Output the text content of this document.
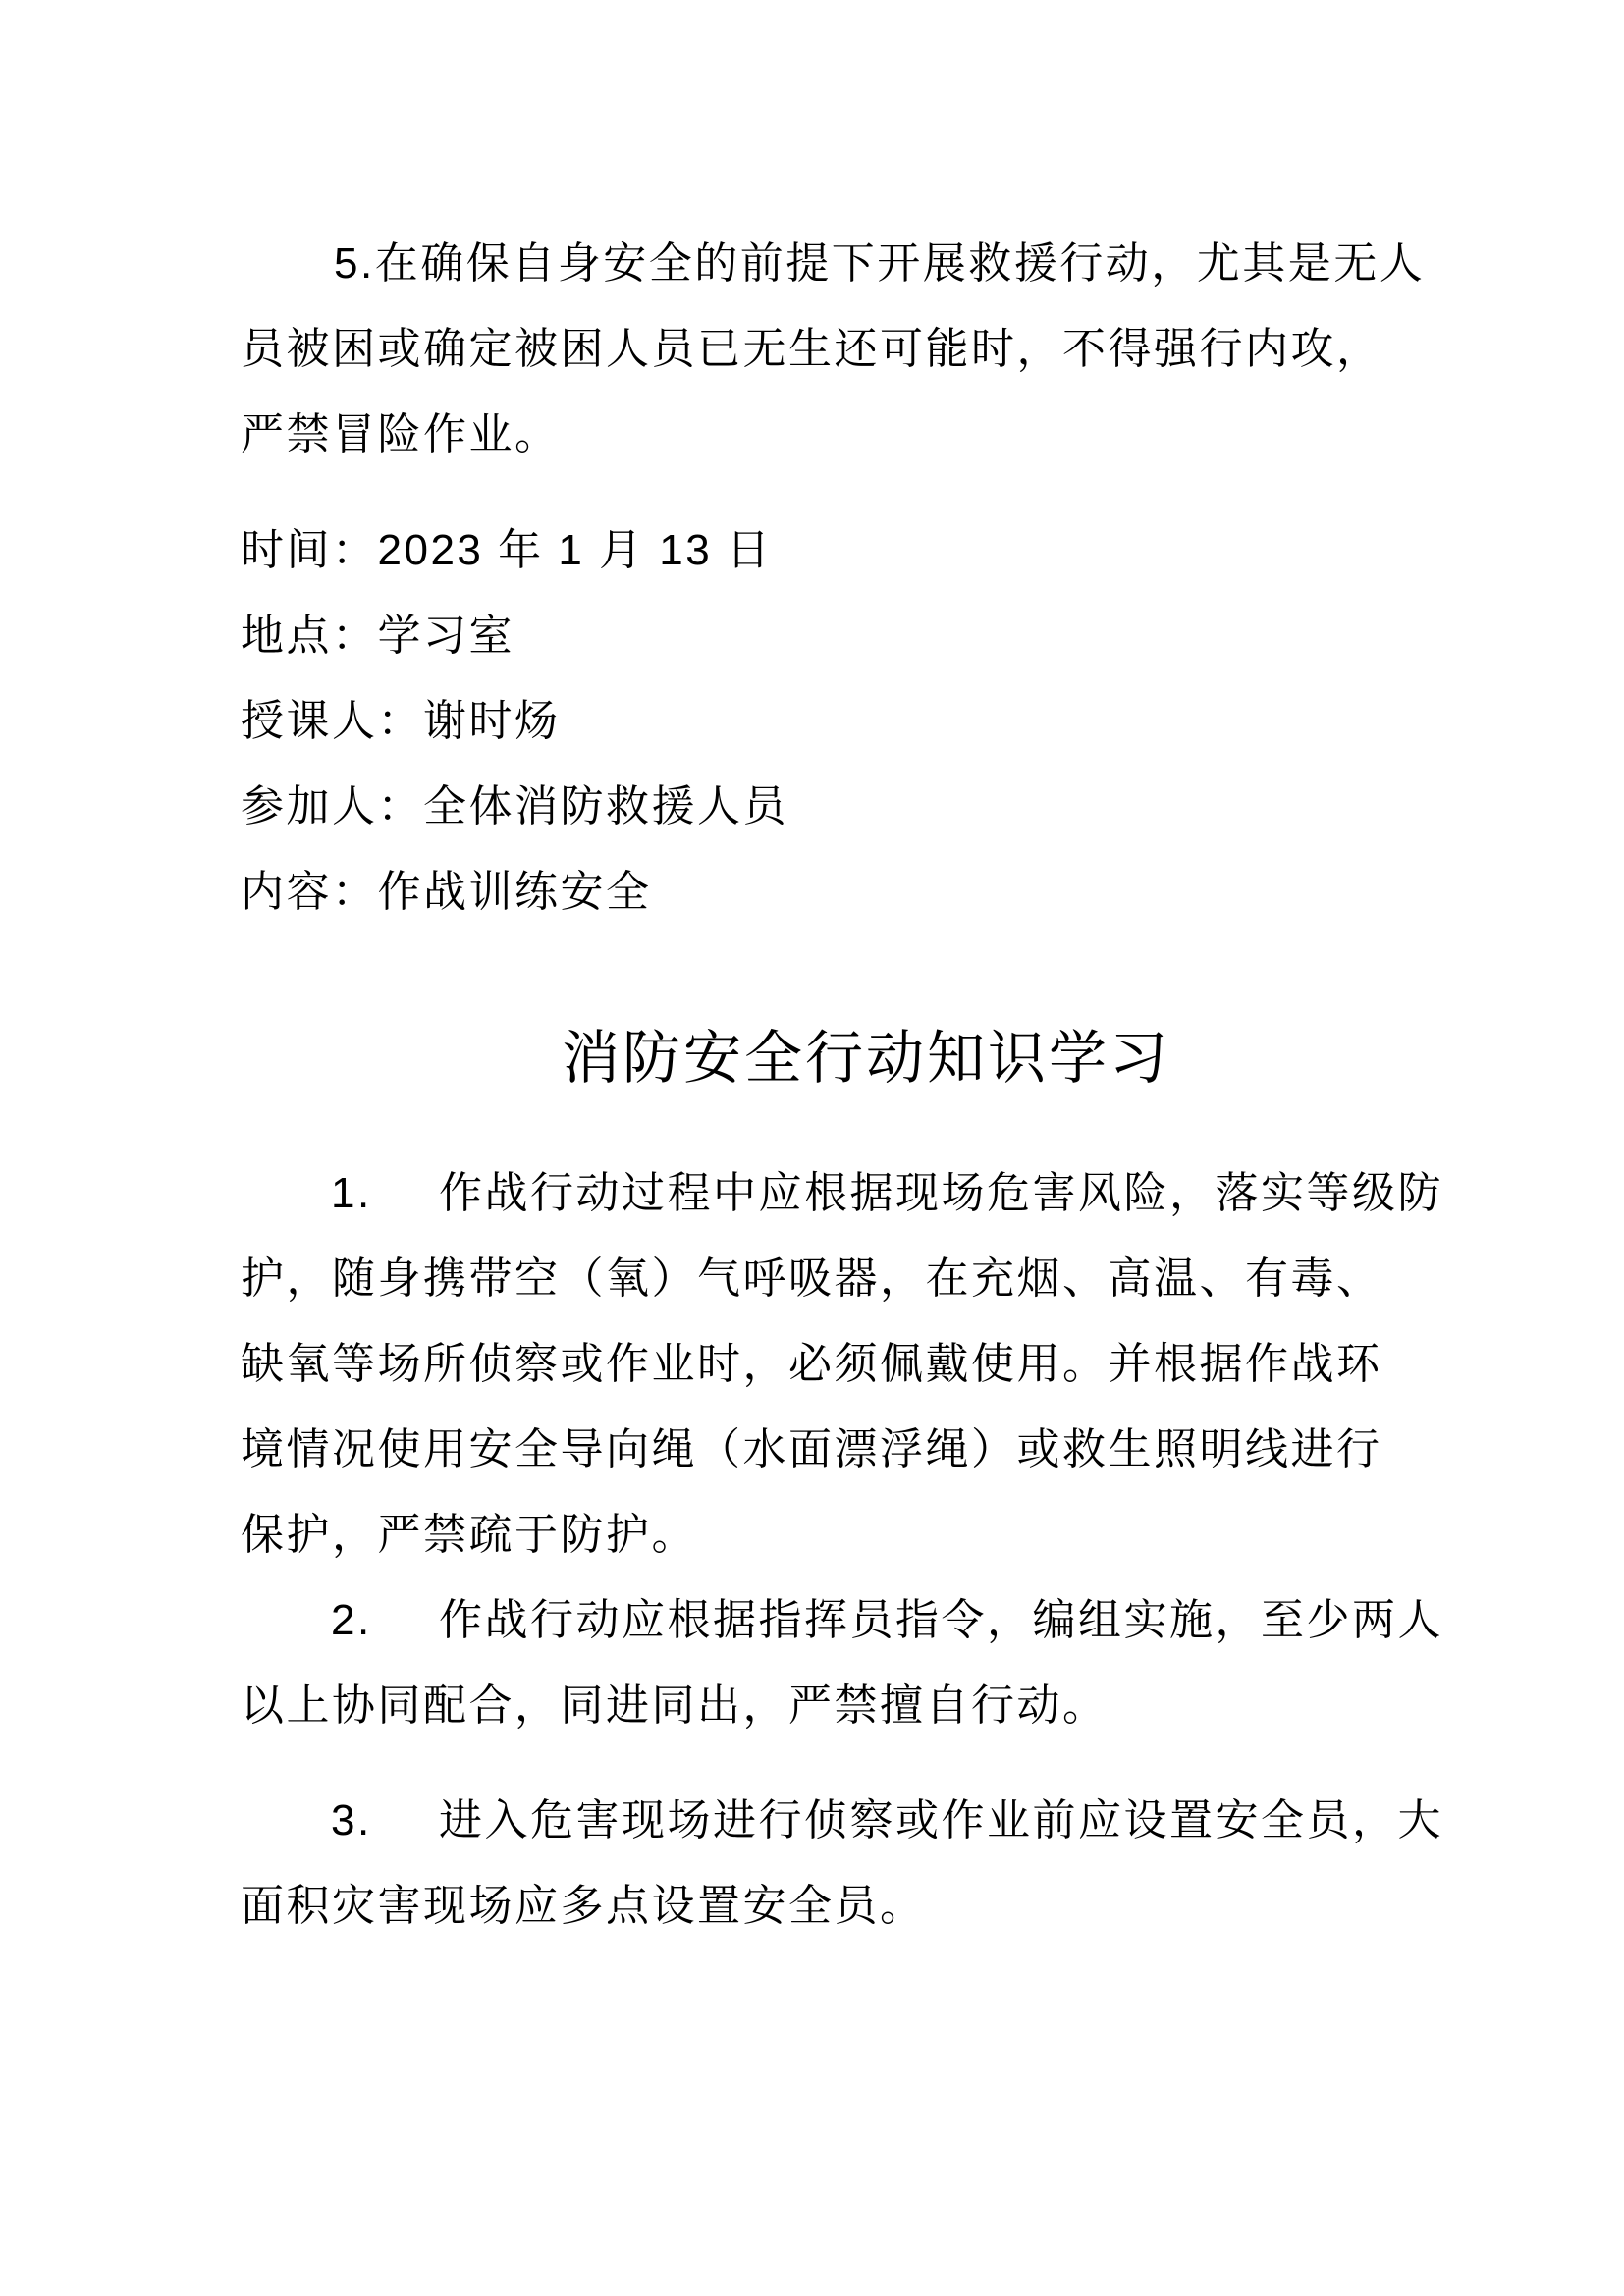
5.在确保自身安全的前提下开展救援行动，尤其是无人
员被困或确定被困人员已无生还可能时，不得强行内攻，
严禁冒险作业。
时间：2023 年 1 月 13 日
地点：学习室
授课人：谢时炀
参加人：全体消防救援人员
内容：作战训练安全
消防安全行动知识学习
1. 作战行动过程中应根据现场危害风险，落实等级防
护，随身携带空（氧）气呼吸器，在充烟、高温、有毒、
缺氧等场所侦察或作业时，必须佩戴使用。并根据作战环
境情况使用安全导向绳（水面漂浮绳）或救生照明线进行
保护，严禁疏于防护。
2. 作战行动应根据指挥员指令，编组实施，至少两人
以上协同配合，同进同出，严禁擅自行动。
3. 进入危害现场进行侦察或作业前应设置安全员，大
面积灾害现场应多点设置安全员。
